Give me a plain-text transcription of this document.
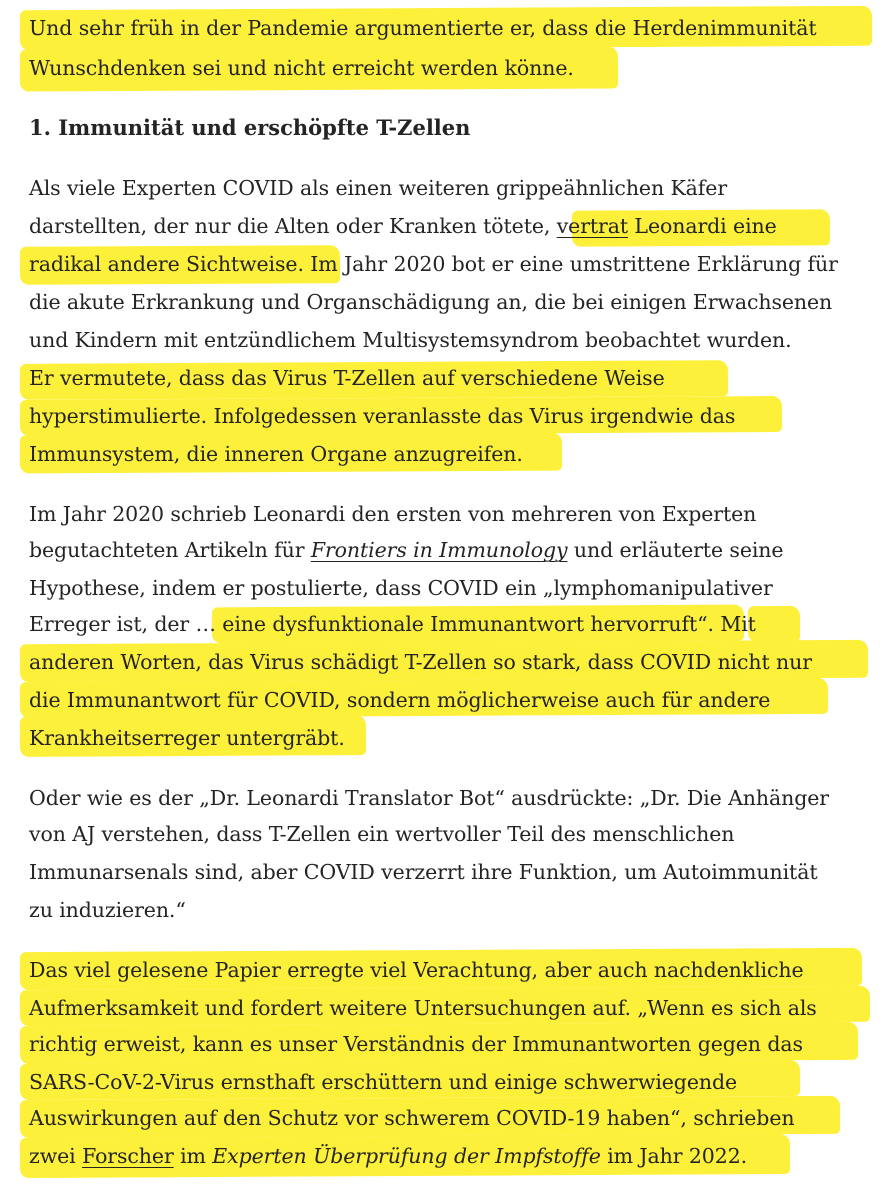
Und sehr früh in der Pandemie argumentierte er, dass die Herdenimmunität
Wunschdenken sei und nicht erreicht werden könne.
1. Immunität und erschöpfte T-Zellen
Als viele Experten COVID als einen weiteren grippeähnlichen Käfer
darstellten, der nur die Alten oder Kranken tötete, vertrat Leonardi eine
radikal andere Sichtweise. Im Jahr 2020 bot er eine umstrittene Erklärung für
die akute Erkrankung und Organschädigung an, die bei einigen Erwachsenen
und Kindern mit entzündlichem Multisystemsyndrom beobachtet wurden.
Er vermutete, dass das Virus T-Zellen auf verschiedene Weise
hyperstimulierte. Infolgedessen veranlasste das Virus irgendwie das
Immunsystem, die inneren Organe anzugreifen.
Im Jahr 2020 schrieb Leonardi den ersten von mehreren von Experten
begutachteten Artikeln für Frontiers in Immunology und erläuterte seine
Hypothese, indem er postulierte, dass COVID ein „lymphomanipulativer
Erreger ist, der … eine dysfunktionale Immunantwort hervorruft“. Mit
anderen Worten, das Virus schädigt T-Zellen so stark, dass COVID nicht nur
die Immunantwort für COVID, sondern möglicherweise auch für andere
Krankheitserreger untergräbt.
Oder wie es der „Dr. Leonardi Translator Bot“ ausdrückte: „Dr. Die Anhänger
von AJ verstehen, dass T-Zellen ein wertvoller Teil des menschlichen
Immunarsenals sind, aber COVID verzerrt ihre Funktion, um Autoimmunität
zu induzieren.“
Das viel gelesene Papier erregte viel Verachtung, aber auch nachdenkliche
Aufmerksamkeit und fordert weitere Untersuchungen auf. „Wenn es sich als
richtig erweist, kann es unser Verständnis der Immunantworten gegen das
SARS-CoV-2-Virus ernsthaft erschüttern und einige schwerwiegende
Auswirkungen auf den Schutz vor schwerem COVID-19 haben“, schrieben
zwei Forscher im Experten Überprüfung der Impfstoffe im Jahr 2022.
